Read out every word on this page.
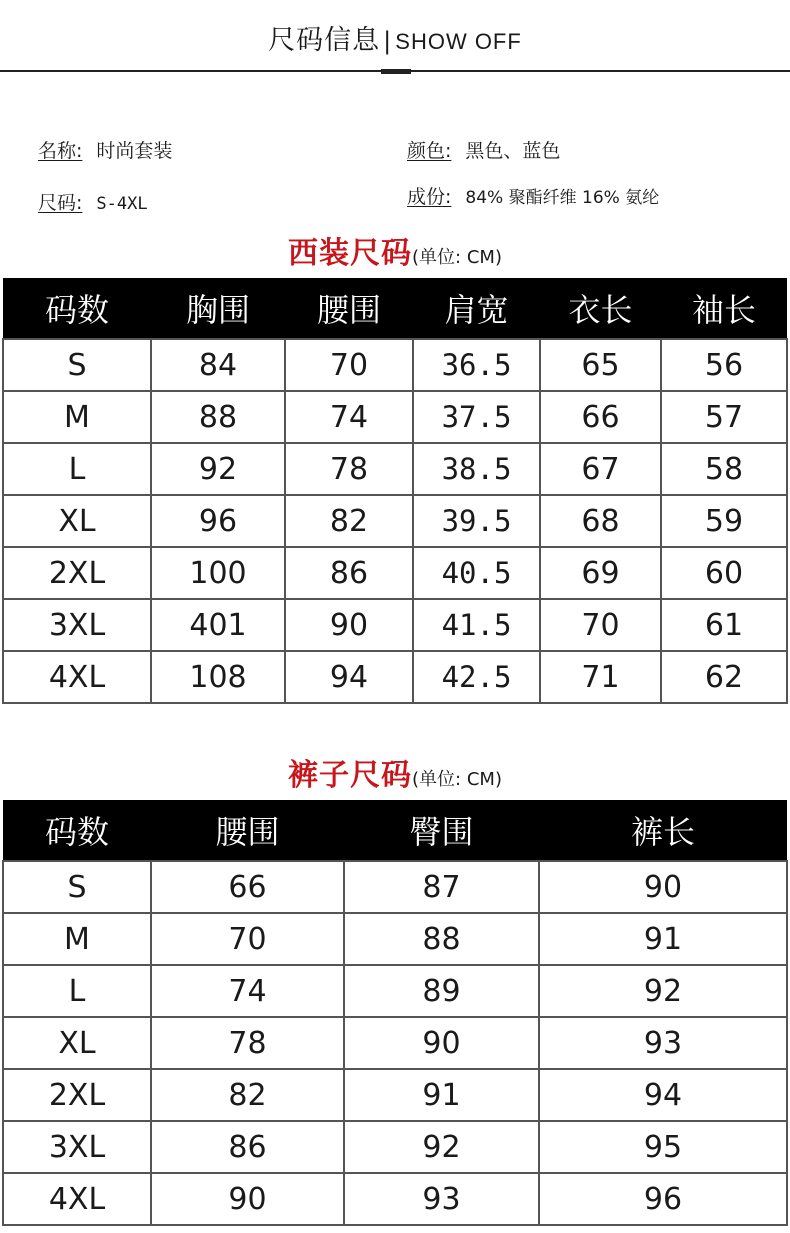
尺码信息 | SHOW OFF
名称: 时尚套装	颜色: 黑色、蓝色
尺码: S-4XL	成份: 84% 聚酯纤维 16% 氨纶
西装尺码(单位: CM)
码数	胸围	腰围	肩宽	衣长	袖长
S	84	70	36.5	65	56
M	88	74	37.5	66	57
L	92	78	38.5	67	58
XL	96	82	39.5	68	59
2XL	100	86	40.5	69	60
3XL	401	90	41.5	70	61
4XL	108	94	42.5	71	62
裤子尺码(单位: CM)
码数	腰围	臀围	裤长
S	66	87	90
M	70	88	91
L	74	89	92
XL	78	90	93
2XL	82	91	94
3XL	86	92	95
4XL	90	93	96
